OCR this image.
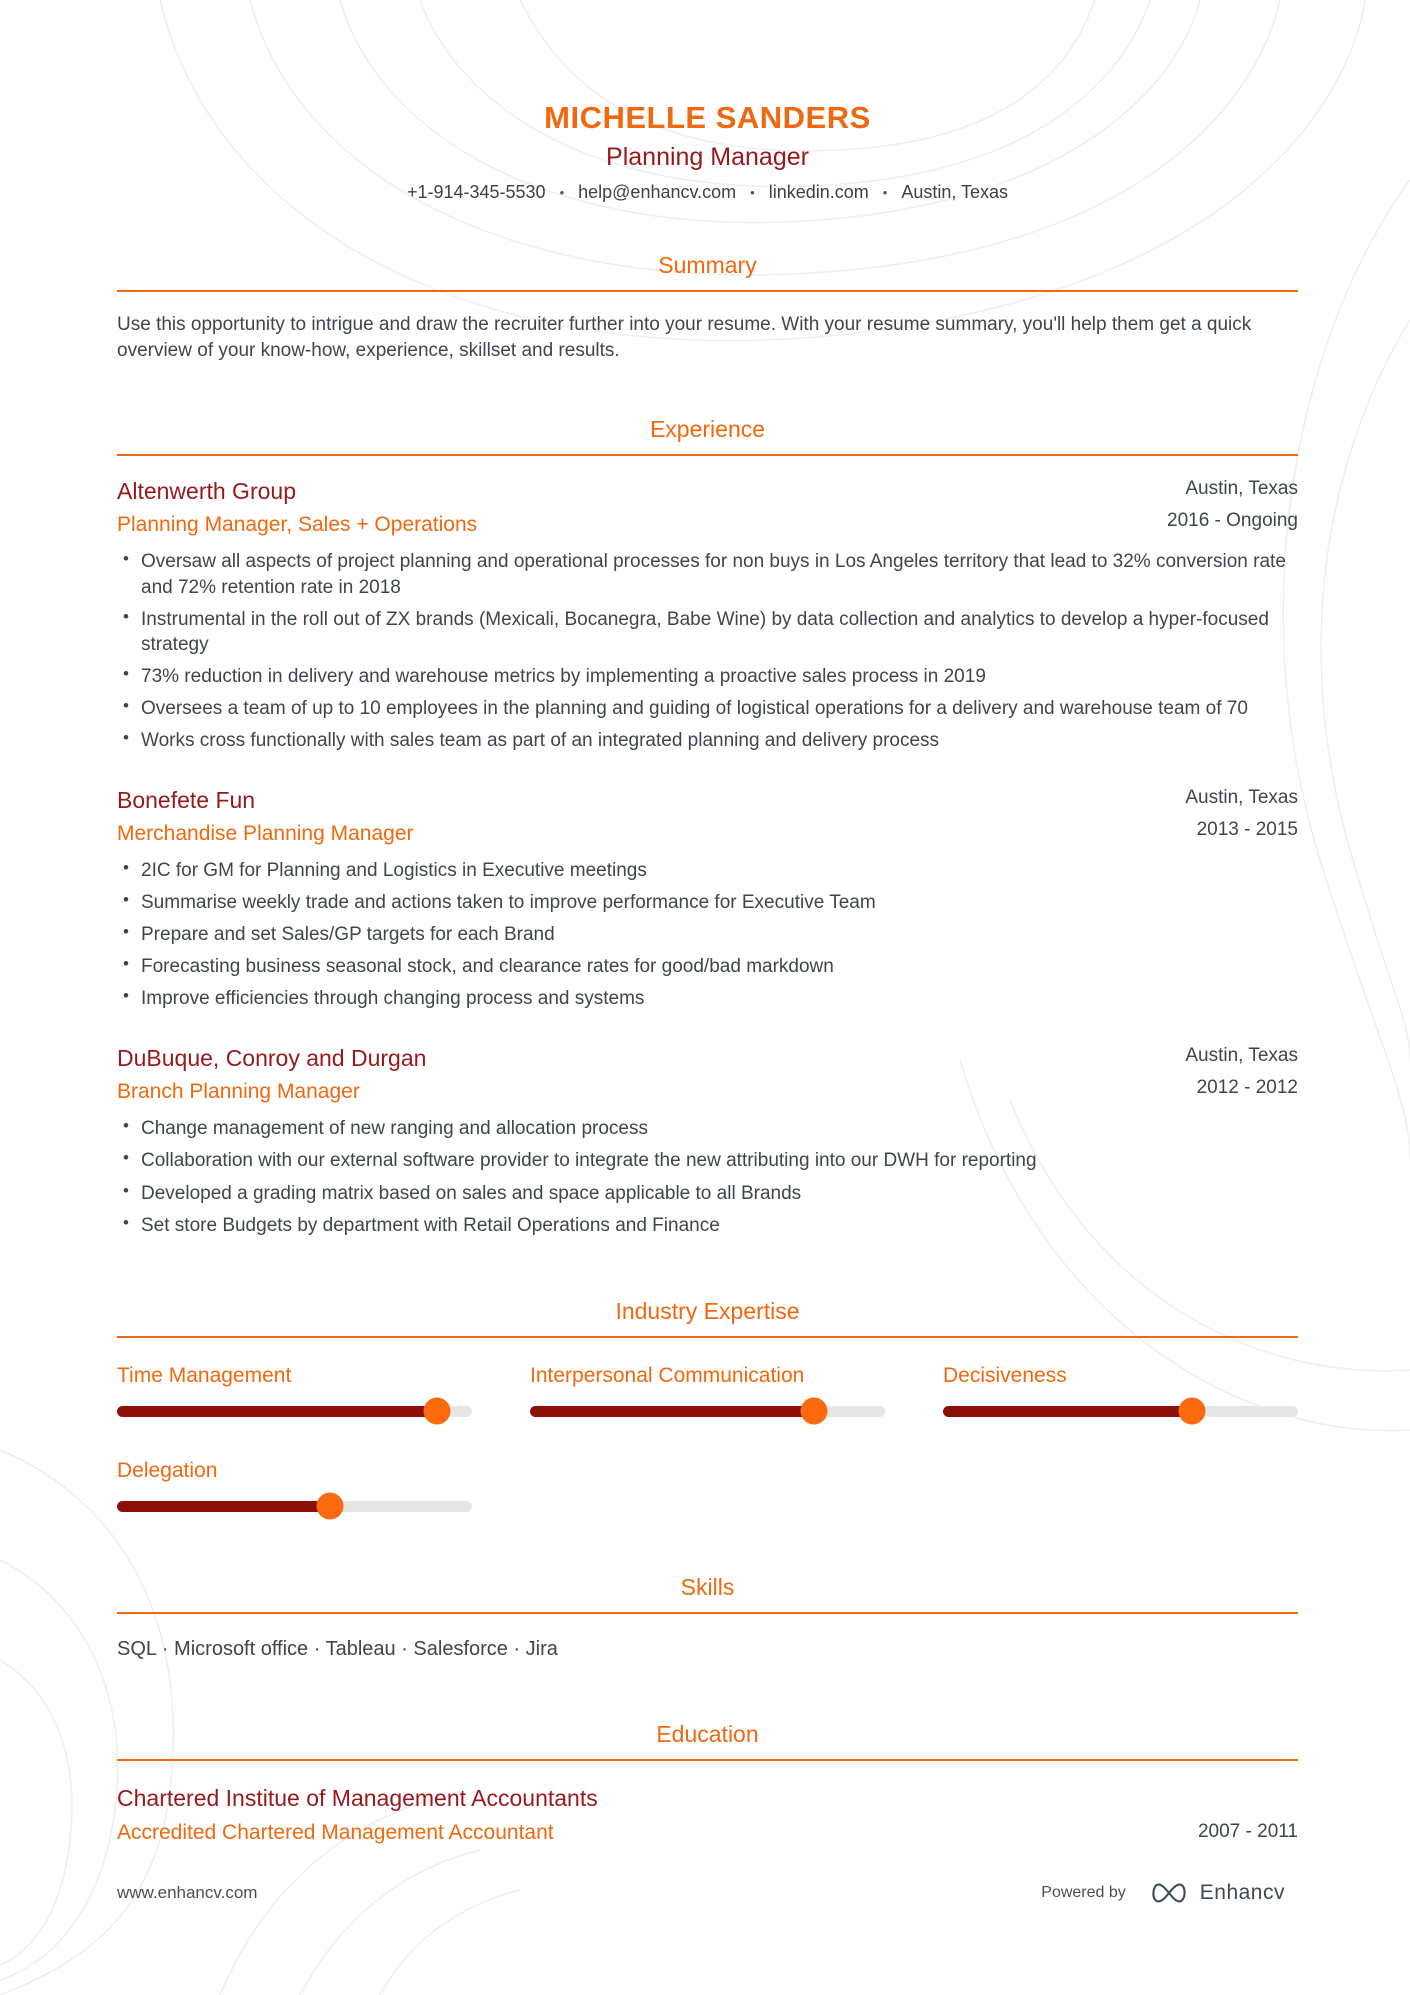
MICHELLE SANDERS
Planning Manager
+1-914-345-5530 • help@enhancv.com • linkedin.com • Austin, Texas
Summary

Use this opportunity to intrigue and draw the recruiter further into your resume. With your resume summary, you'll help them get a quick overview of your know-how, experience, skillset and results.

Experience
Altenwerth Group
Planning Manager, Sales + Operations
Austin, Texas
2016 - Ongoing
• Oversaw all aspects of project planning and operational processes for non buys in Los Angeles territory that lead to 32% conversion rate and 72% retention rate in 2018
• Instrumental in the roll out of ZX brands (Mexicali, Bocanegra, Babe Wine) by data collection and analytics to develop a hyper-focused strategy
• 73% reduction in delivery and warehouse metrics by implementing a proactive sales process in 2019
• Oversees a team of up to 10 employees in the planning and guiding of logistical operations for a delivery and warehouse team of 70
• Works cross functionally with sales team as part of an integrated planning and delivery process
Bonefete Fun
Merchandise Planning Manager
Austin, Texas
2013 - 2015
• 2IC for GM for Planning and Logistics in Executive meetings
• Summarise weekly trade and actions taken to improve performance for Executive Team
• Prepare and set Sales/GP targets for each Brand
• Forecasting business seasonal stock, and clearance rates for good/bad markdown
• Improve efficiencies through changing process and systems
DuBuque, Conroy and Durgan
Branch Planning Manager
Austin, Texas
2012 - 2012
• Change management of new ranging and allocation process
• Collaboration with our external software provider to integrate the new attributing into our DWH for reporting
• Developed a grading matrix based on sales and space applicable to all Brands
• Set store Budgets by department with Retail Operations and Finance
Industry Expertise
Time Management	Interpersonal Communication	Decisiveness
Delegation
Skills
SQL · Microsoft office · Tableau · Salesforce · Jira
Education
Chartered Institue of Management Accountants
Accredited Chartered Management Accountant	2007 - 2011
www.enhancv.com	Powered by	Enhancv
